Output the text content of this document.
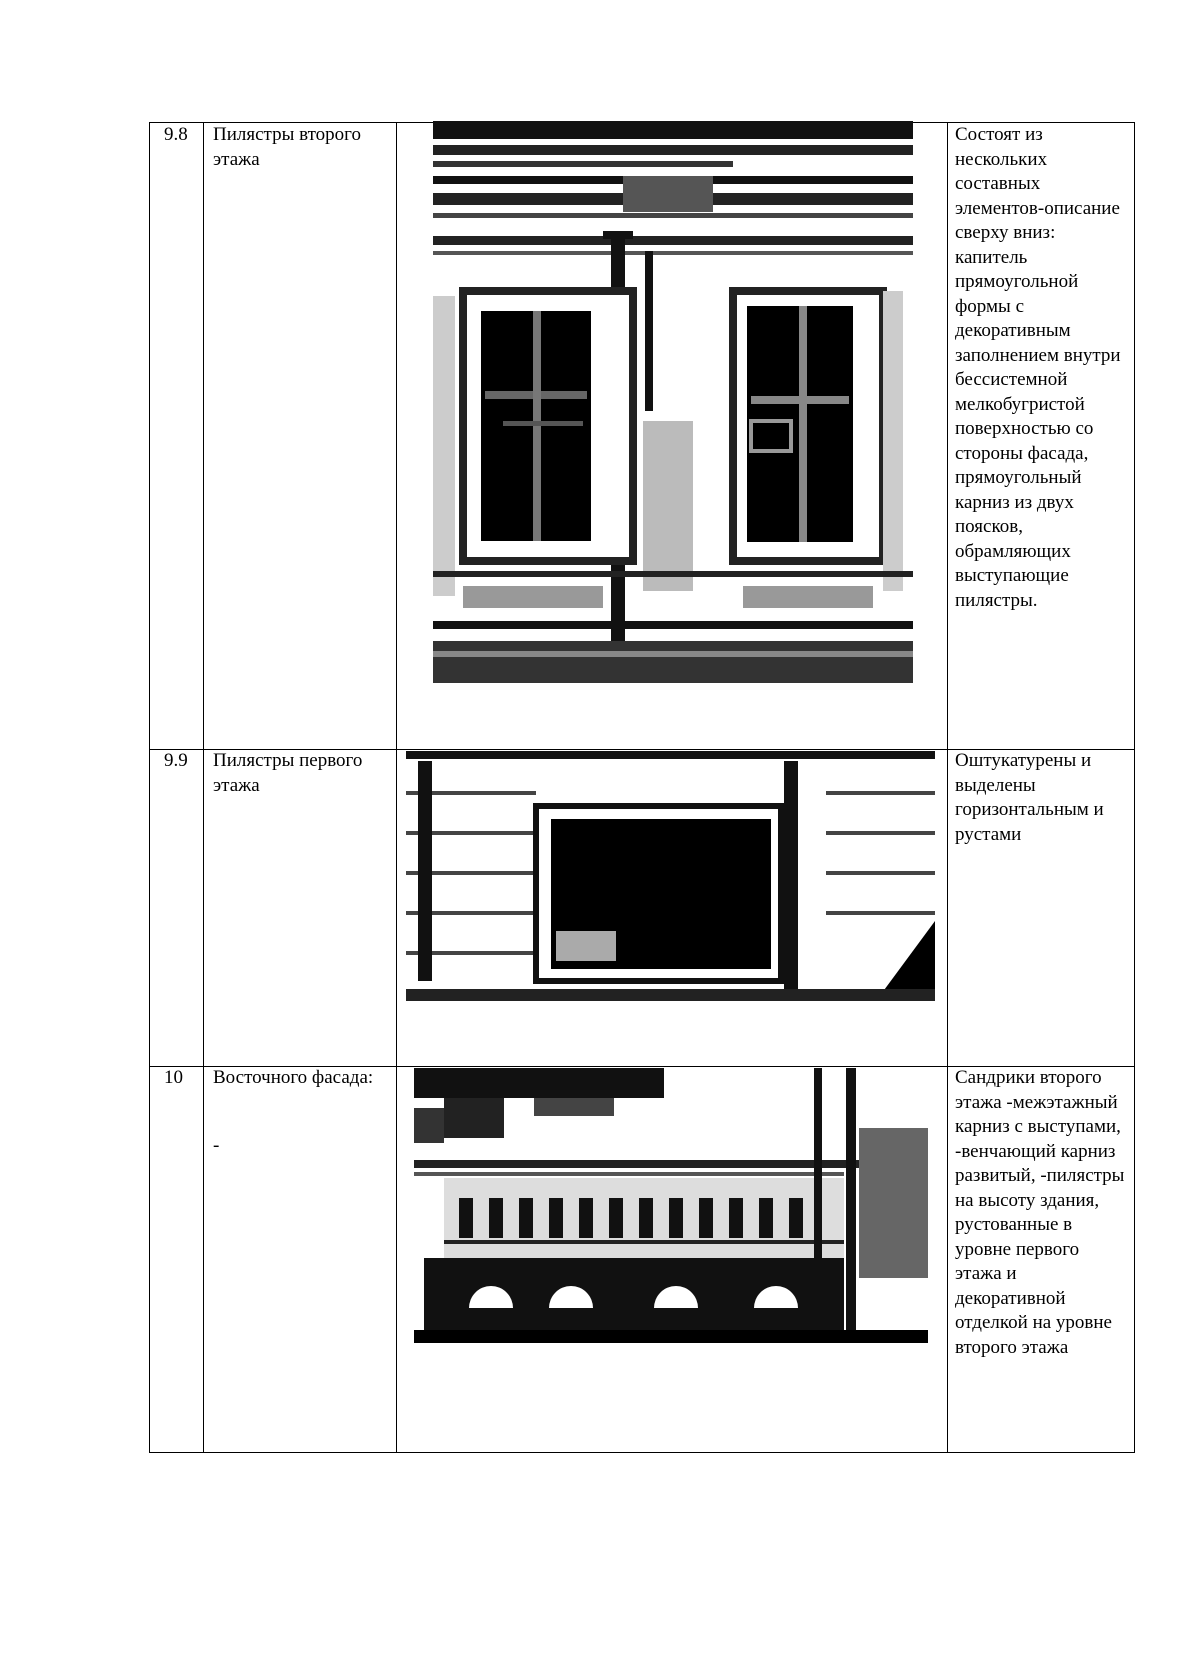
9.8 Пилястры второго этажа
Состоят из нескольких составных элементов-описание сверху вниз: капитель прямоугольной формы с декоративным заполнением внутри бессистемной мелкобугристой поверхностью со стороны фасада, прямоугольный карниз из двух поясков, обрамляющих выступающие пилястры.
9.9 Пилястры первого этажа
Оштукатурены и выделены горизонтальным и рустами
10 Восточного фасада:
-
Сандрики второго этажа -межэтажный карниз с выступами, -венчающий карниз развитый, -пилястры на высоту здания, рустованные в уровне первого этажа и декоративной отделкой на уровне второго этажа
